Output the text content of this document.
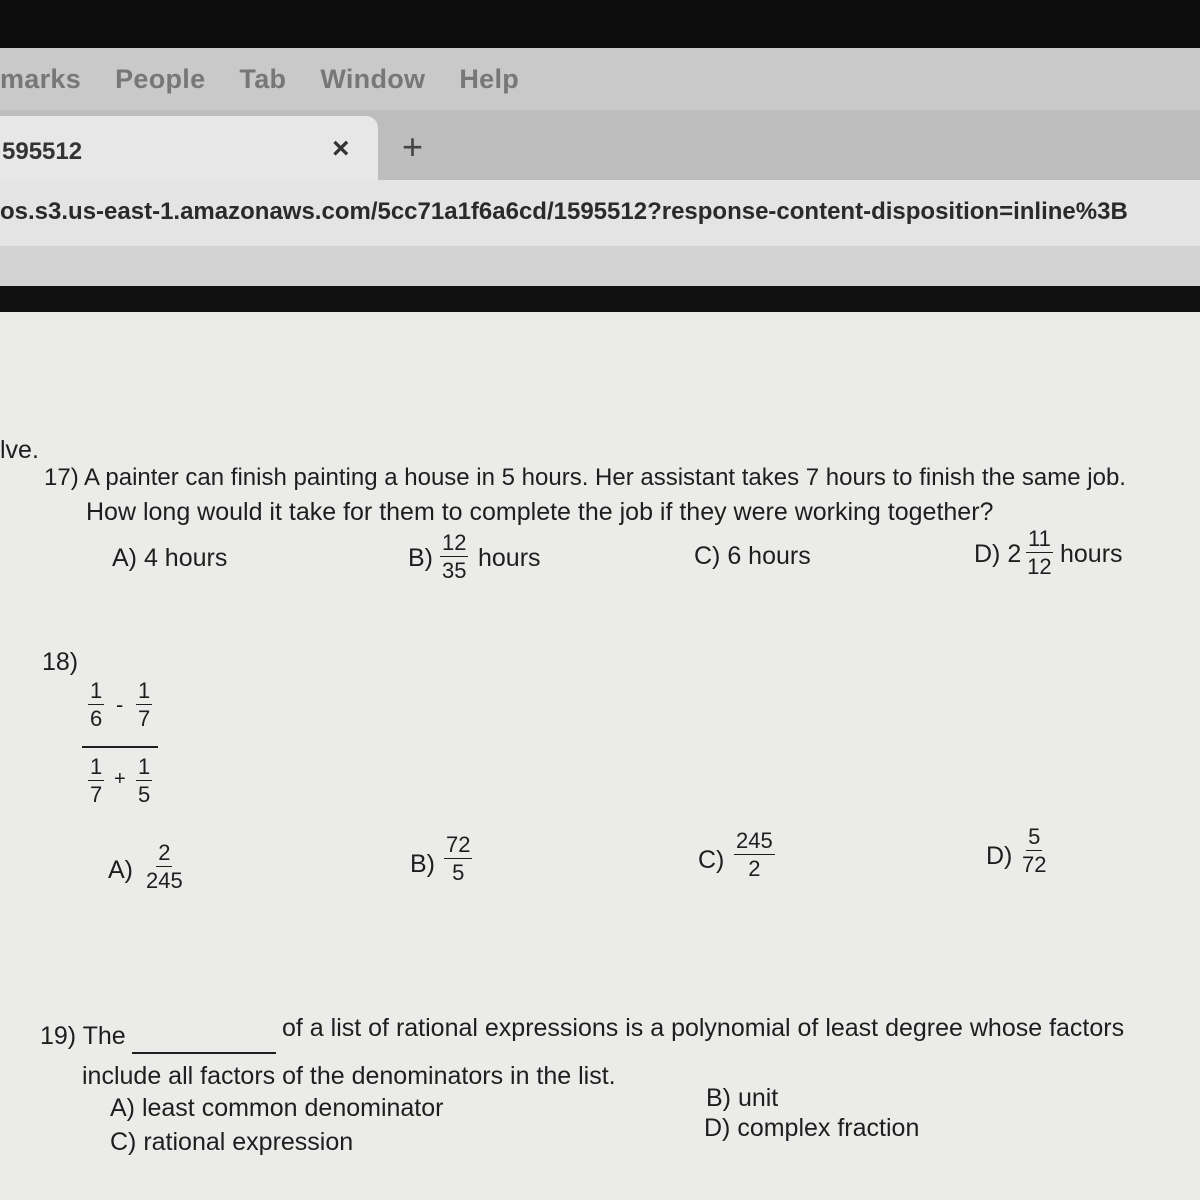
marks People Tab Window Help
595512	× +
os.s3.us-east-1.amazonaws.com/5cc71a1f6a6cd/1595512?response-content-disposition=inline%3B
lve.
17) A painter can finish painting a house in 5 hours. Her assistant takes 7 hours to finish the same job.
How long would it take for them to complete the job if they were working together?
A) 4 hours	$B) \frac{12}{35}$ hours	C) 6 hours	D) $2 \frac{11}{12}$ hours
18)
$\frac{1}{6} - \frac{1}{7}$
$\frac{1}{7} + \frac{1}{5}$
$A) \frac{2}{245}$	$B) \frac{72}{5}$	$C) \frac{245}{2}$	$D) \frac{5}{72}$
19) The	of a list of rational expressions is a polynomial of least degree whose factors
include all factors of the denominators in the list.
A) least common denominator	B) unit
C) rational expression	D) complex fraction
